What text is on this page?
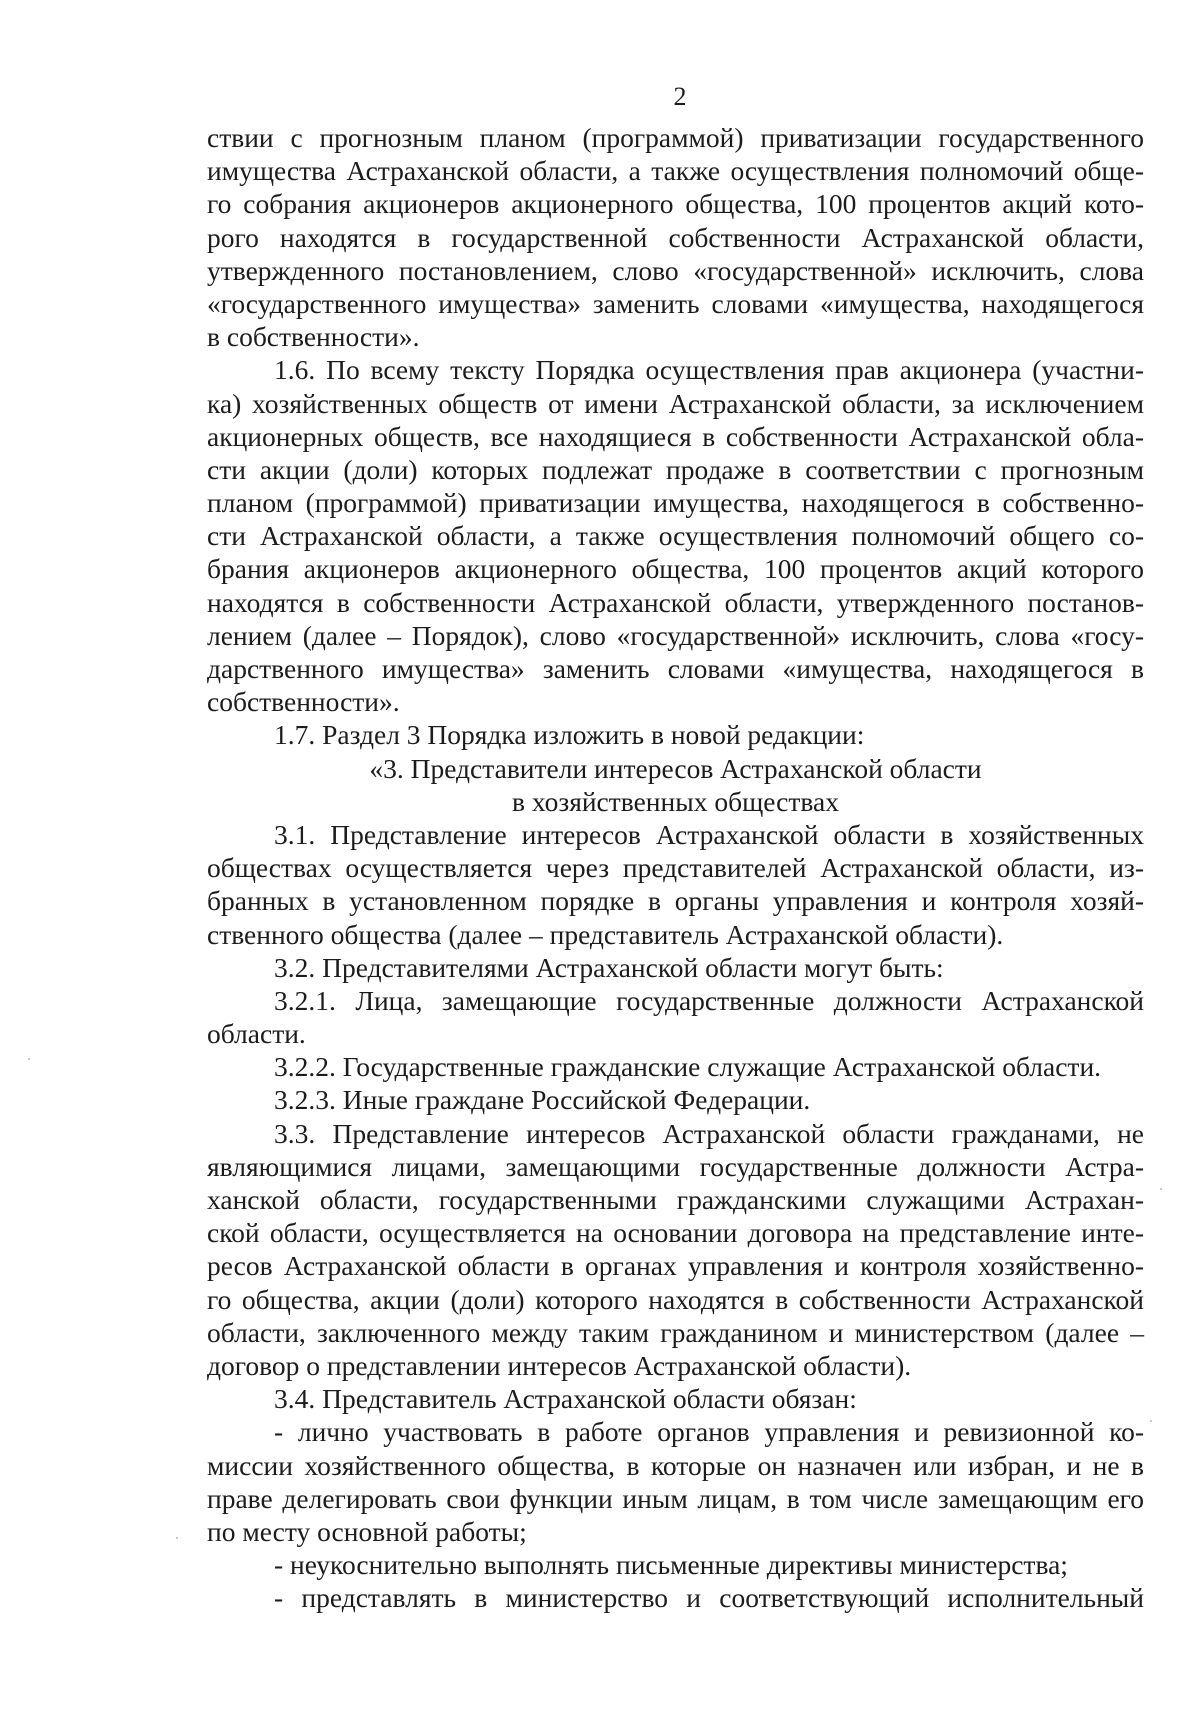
2
ствии с прогнозным планом (программой) приватизации государственного
имущества Астраханской области, а также осуществления полномочий обще-
го собрания акционеров акционерного общества, 100 процентов акций кото-
рого находятся в государственной собственности Астраханской области,
утвержденного постановлением, слово «государственной» исключить, слова
«государственного имущества» заменить словами «имущества, находящегося
в собственности».
1.6. По всему тексту Порядка осуществления прав акционера (участни-
ка) хозяйственных обществ от имени Астраханской области, за исключением
акционерных обществ, все находящиеся в собственности Астраханской обла-
сти акции (доли) которых подлежат продаже в соответствии с прогнозным
планом (программой) приватизации имущества, находящегося в собственно-
сти Астраханской области, а также осуществления полномочий общего со-
брания акционеров акционерного общества, 100 процентов акций которого
находятся в собственности Астраханской области, утвержденного постанов-
лением (далее – Порядок), слово «государственной» исключить, слова «госу-
дарственного имущества» заменить словами «имущества, находящегося в
собственности».
1.7. Раздел 3 Порядка изложить в новой редакции:
«3. Представители интересов Астраханской области
в хозяйственных обществах
3.1. Представление интересов Астраханской области в хозяйственных
обществах осуществляется через представителей Астраханской области, из-
бранных в установленном порядке в органы управления и контроля хозяй-
ственного общества (далее – представитель Астраханской области).
3.2. Представителями Астраханской области могут быть:
3.2.1. Лица, замещающие государственные должности Астраханской
области.
3.2.2. Государственные гражданские служащие Астраханской области.
3.2.3. Иные граждане Российской Федерации.
3.3. Представление интересов Астраханской области гражданами, не
являющимися лицами, замещающими государственные должности Астра-
ханской области, государственными гражданскими служащими Астрахан-
ской области, осуществляется на основании договора на представление инте-
ресов Астраханской области в органах управления и контроля хозяйственно-
го общества, акции (доли) которого находятся в собственности Астраханской
области, заключенного между таким гражданином и министерством (далее –
договор о представлении интересов Астраханской области).
3.4. Представитель Астраханской области обязан:
- лично участвовать в работе органов управления и ревизионной ко-
миссии хозяйственного общества, в которые он назначен или избран, и не в
праве делегировать свои функции иным лицам, в том числе замещающим его
по месту основной работы;
- неукоснительно выполнять письменные директивы министерства;
- представлять в министерство и соответствующий исполнительный
